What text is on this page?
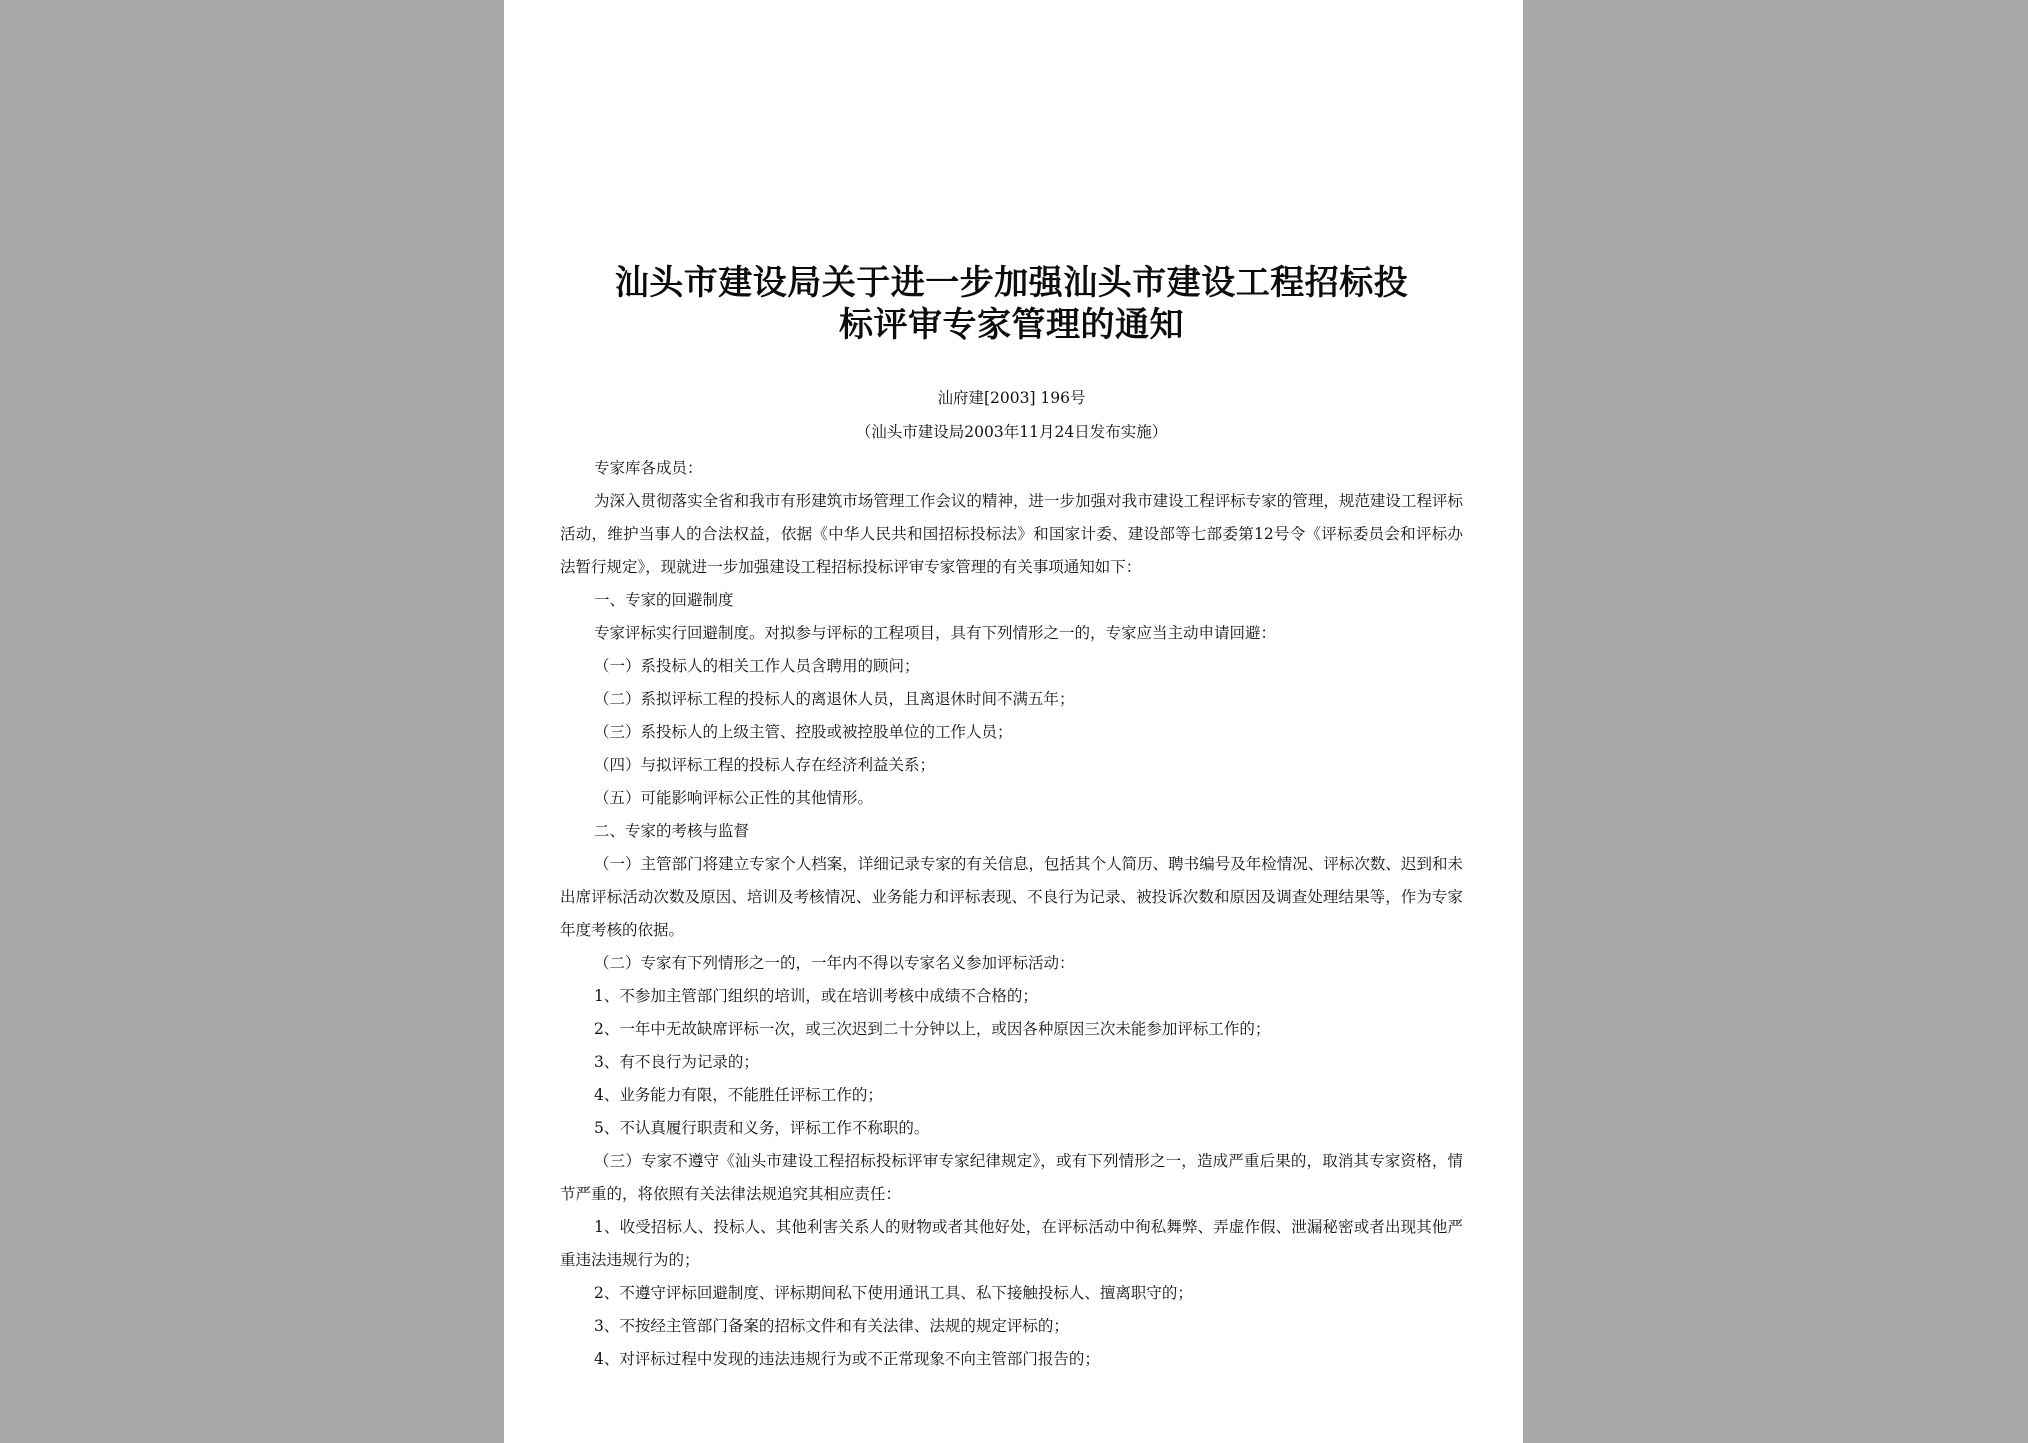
汕头市建设局关于进一步加强汕头市建设工程招标投
标评审专家管理的通知
汕府建[2003] 196号
（汕头市建设局2003年11月24日发布实施）

专家库各成员：

为深入贯彻落实全省和我市有形建筑市场管理工作会议的精神，进一步加强对我市建设工程评标专家的管理，规范建设工程评标活动，维护当事人的合法权益，依据《中华人民共和国招标投标法》和国家计委、建设部等七部委第12号令《评标委员会和评标办法暂行规定》，现就进一步加强建设工程招标投标评审专家管理的有关事项通知如下：

一、专家的回避制度

专家评标实行回避制度。对拟参与评标的工程项目，具有下列情形之一的，专家应当主动申请回避：

（一）系投标人的相关工作人员含聘用的顾问；

（二）系拟评标工程的投标人的离退休人员，且离退休时间不满五年；

（三）系投标人的上级主管、控股或被控股单位的工作人员；

（四）与拟评标工程的投标人存在经济利益关系；

（五）可能影响评标公正性的其他情形。

二、专家的考核与监督

（一）主管部门将建立专家个人档案，详细记录专家的有关信息，包括其个人简历、聘书编号及年检情况、评标次数、迟到和未出席评标活动次数及原因、培训及考核情况、业务能力和评标表现、不良行为记录、被投诉次数和原因及调查处理结果等，作为专家年度考核的依据。

（二）专家有下列情形之一的，一年内不得以专家名义参加评标活动：

1、不参加主管部门组织的培训，或在培训考核中成绩不合格的；

2、一年中无故缺席评标一次，或三次迟到二十分钟以上，或因各种原因三次未能参加评标工作的；

3、有不良行为记录的；

4、业务能力有限，不能胜任评标工作的；

5、不认真履行职责和义务，评标工作不称职的。

（三）专家不遵守《汕头市建设工程招标投标评审专家纪律规定》，或有下列情形之一，造成严重后果的，取消其专家资格，情节严重的，将依照有关法律法规追究其相应责任：

1、收受招标人、投标人、其他利害关系人的财物或者其他好处，在评标活动中徇私舞弊、弄虚作假、泄漏秘密或者出现其他严重违法违规行为的；

2、不遵守评标回避制度、评标期间私下使用通讯工具、私下接触投标人、擅离职守的；

3、不按经主管部门备案的招标文件和有关法律、法规的规定评标的；

4、对评标过程中发现的违法违规行为或不正常现象不向主管部门报告的；
